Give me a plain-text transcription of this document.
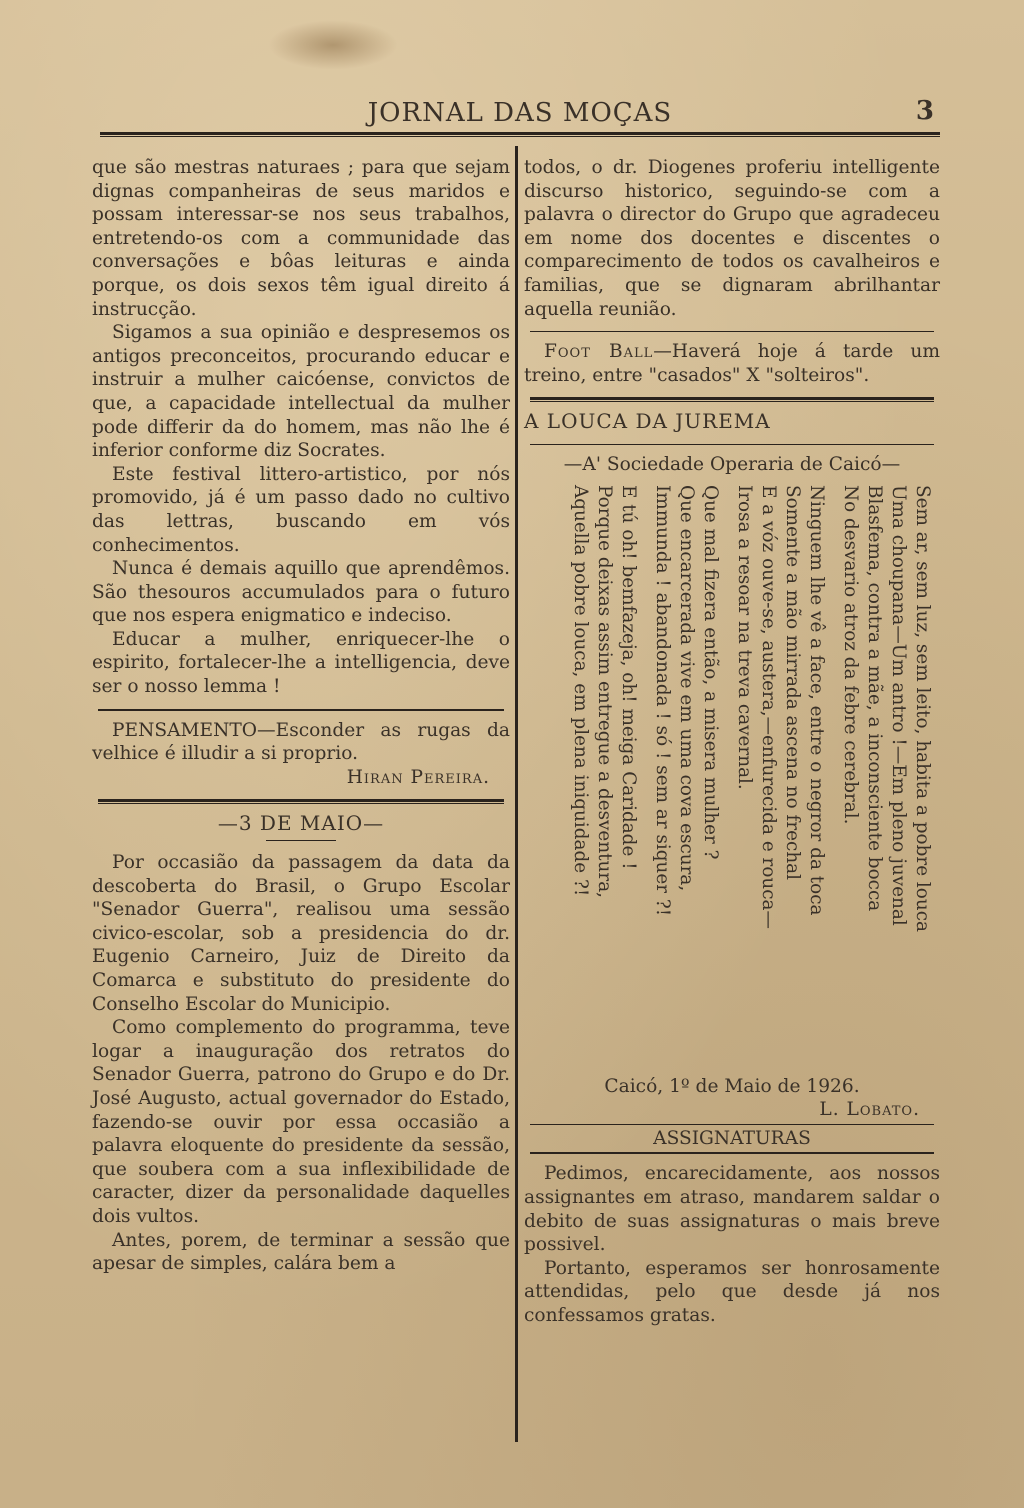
JORNAL DAS MOÇAS	3

que são mestras naturaes ; para que sejam dignas companheiras de seus maridos e possam interessar-se nos seus trabalhos, entretendo-os com a communidade das conversações e bôas leituras e ainda porque, os dois sexos têm igual direito á instrucção.

Sigamos a sua opinião e despresemos os antigos preconceitos, procurando educar e instruir a mulher caicóense, convictos de que, a capacidade intellectual da mulher pode differir da do homem, mas não lhe é inferior conforme diz Socrates.

Este festival littero-artistico, por nós promovido, já é um passo dado no cultivo das lettras, buscando em vós conhecimentos.

Nunca é demais aquillo que aprendêmos. São thesouros accumulados para o futuro que nos espera enigmatico e indeciso.

Educar a mulher, enriquecer-lhe o espirito, fortalecer-lhe a intelligencia, deve ser o nosso lemma !

PENSAMENTO—Esconder as rugas da velhice é illudir a si proprio.

Hiran Pereira.

—3 DE MAIO—

Por occasião da passagem da data da descoberta do Brasil, o Grupo Escolar "Senador Guerra", realisou uma sessão civico-escolar, sob a presidencia do dr. Eugenio Carneiro, Juiz de Direito da Comarca e substituto do presidente do Conselho Escolar do Municipio.

Como complemento do programma, teve logar a inauguração dos retratos do Senador Guerra, patrono do Grupo e do Dr. José Augusto, actual governador do Estado, fazendo-se ouvir por essa occasião a palavra eloquente do presidente da sessão, que soubera com a sua inflexibilidade de caracter, dizer da personalidade daquelles dois vultos.

Antes, porem, de terminar a sessão que apesar de simples, calára bem a

todos, o dr. Diogenes proferiu intelligente discurso historico, seguindo-se com a palavra o director do Grupo que agradeceu em nome dos docentes e discentes o comparecimento de todos os cavalheiros e familias, que se dignaram abrilhantar aquella reunião.

Foot Ball—Haverá hoje á tarde um treino, entre "casados" X "solteiros".

A LOUCA DA JUREMA

—A' Sociedade Operaria de Caicó—

Sem ar, sem luz, sem leito, habita a pobre louca
Uma choupana—Um antro !—Em pleno juvenal
Blasfema, contra a mãe, a inconsciente bocca
No desvario atroz da febre cerebral.
Ninguem lhe vê a face, entre o negror da toca
Somente a mão mirrada ascena no frechal
E a vóz ouve-se, austera,—enfurecida e rouca—
Irosa a resoar na treva cavernal.
Que mal fizera então, a misera mulher ?
Que encarcerada vive em uma cova escura,
Immunda ! abandonada ! só ! sem ar siquer ?!
E tú oh! bemfazeja, oh! meiga Caridade !
Porque deixas assim entregue a desventura,
Aquella pobre louca, em plena iniquidade ?!

Caicó, 1º de Maio de 1926.

L. Lobato.

ASSIGNATURAS

Pedimos, encarecidamente, aos nossos assignantes em atraso, mandarem saldar o debito de suas assignaturas o mais breve possivel.

Portanto, esperamos ser honrosamente attendidas, pelo que desde já nos confessamos gratas.
